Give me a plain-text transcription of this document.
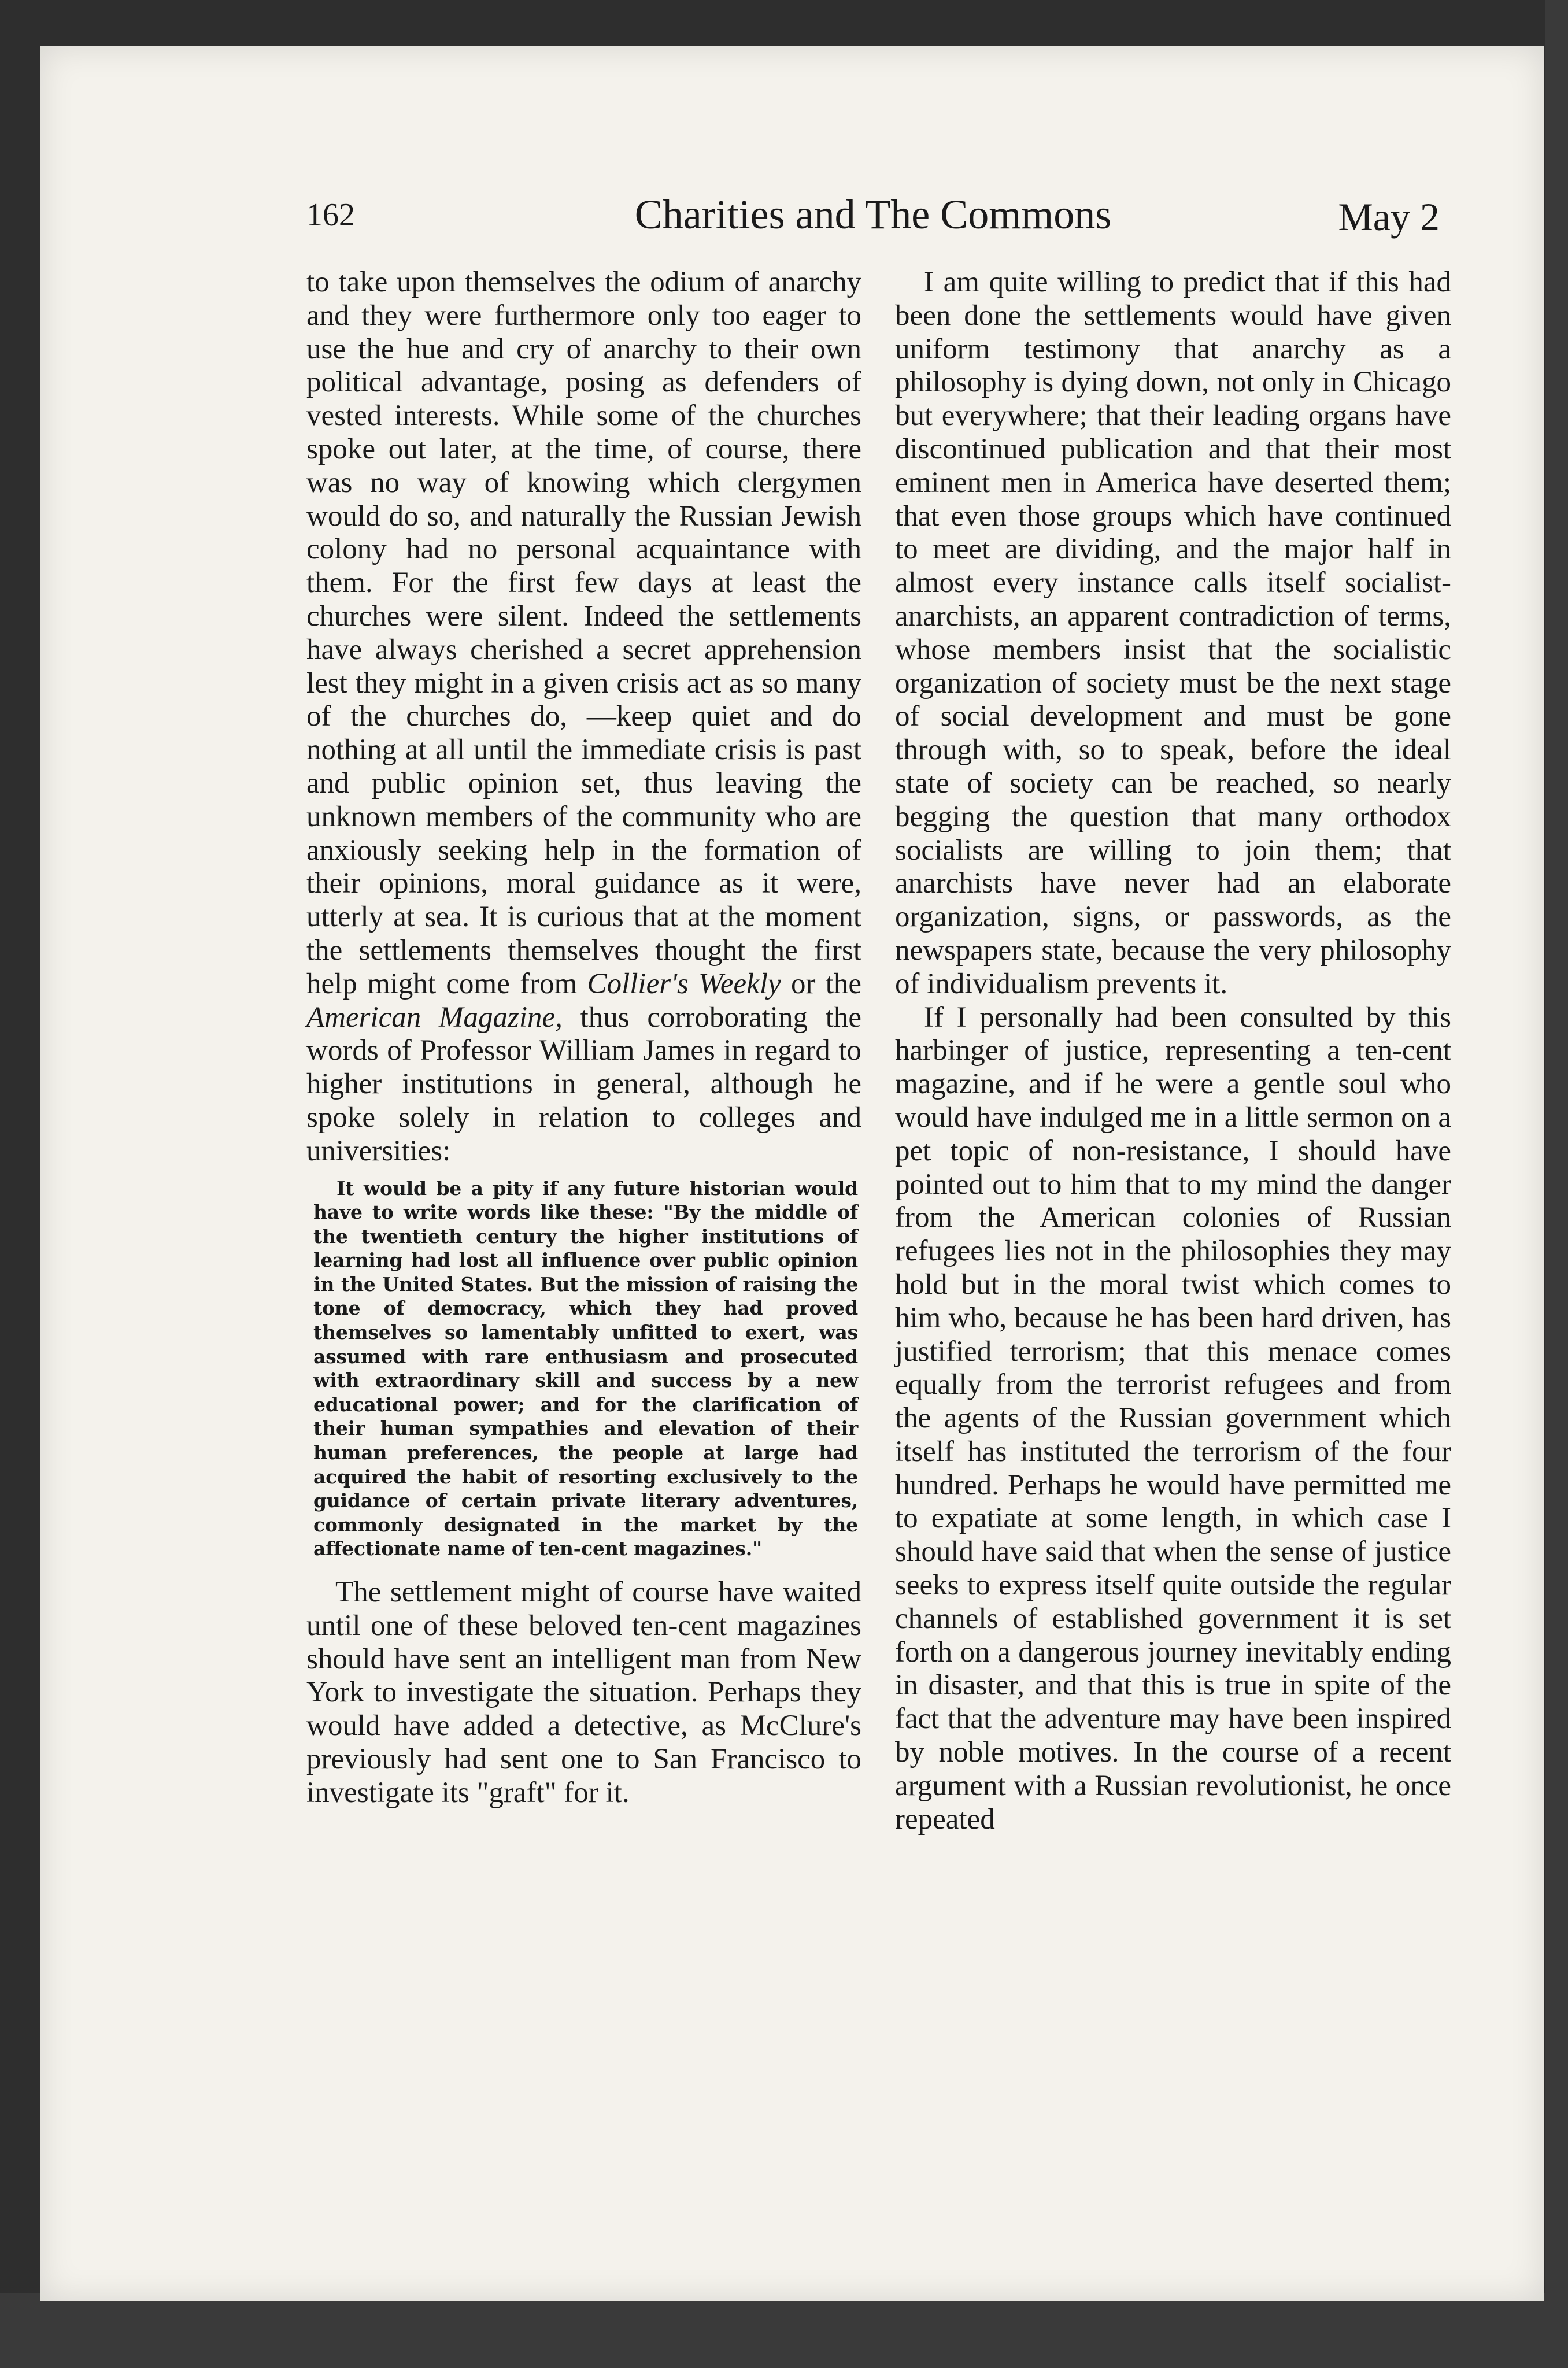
162	Charities and The Commons	May 2

to take upon themselves the odium of anarchy and they were furthermore only too eager to use the hue and cry of anarchy to their own political advantage, posing as defenders of vested interests. While some of the churches spoke out later, at the time, of course, there was no way of knowing which clergymen would do so, and naturally the Russian Jewish colony had no personal acquaintance with them. For the first few days at least the churches were silent. Indeed the settlements have always cherished a secret apprehension lest they might in a given crisis act as so many of the churches do, —keep quiet and do nothing at all until the immediate crisis is past and public opinion set, thus leaving the unknown members of the community who are anxiously seeking help in the formation of their opinions, moral guidance as it were, utterly at sea. It is curious that at the moment the settlements themselves thought the first help might come from Collier's Weekly or the American Magazine, thus corroborating the words of Professor William James in regard to higher institutions in general, although he spoke solely in relation to colleges and universities:

It would be a pity if any future historian would have to write words like these: "By the middle of the twentieth century the higher institutions of learning had lost all influence over public opinion in the United States. But the mission of raising the tone of democracy, which they had proved themselves so lamentably unfitted to exert, was assumed with rare enthusiasm and prosecuted with extraordinary skill and success by a new educational power; and for the clarification of their human sympathies and elevation of their human preferences, the people at large had acquired the habit of resorting exclusively to the guidance of certain private literary adventures, commonly designated in the market by the affectionate name of ten-cent magazines."

The settlement might of course have waited until one of these beloved ten-cent magazines should have sent an intelligent man from New York to investigate the situation. Perhaps they would have added a detective, as McClure's previously had sent one to San Francisco to investigate its "graft" for it.

I am quite willing to predict that if this had been done the settlements would have given uniform testimony that anarchy as a philosophy is dying down, not only in Chicago but everywhere; that their leading organs have discontinued publication and that their most eminent men in America have deserted them; that even those groups which have continued to meet are dividing, and the major half in almost every instance calls itself socialist-anarchists, an apparent contradiction of terms, whose members insist that the socialistic organization of society must be the next stage of social development and must be gone through with, so to speak, before the ideal state of society can be reached, so nearly begging the question that many orthodox socialists are willing to join them; that anarchists have never had an elaborate organization, signs, or passwords, as the newspapers state, because the very philosophy of individualism prevents it.

If I personally had been consulted by this harbinger of justice, representing a ten-cent magazine, and if he were a gentle soul who would have indulged me in a little sermon on a pet topic of non-resistance, I should have pointed out to him that to my mind the danger from the American colonies of Russian refugees lies not in the philosophies they may hold but in the moral twist which comes to him who, because he has been hard driven, has justified terrorism; that this menace comes equally from the terrorist refugees and from the agents of the Russian government which itself has instituted the terrorism of the four hundred. Perhaps he would have permitted me to expatiate at some length, in which case I should have said that when the sense of justice seeks to express itself quite outside the regular channels of established government it is set forth on a dangerous journey inevitably ending in disaster, and that this is true in spite of the fact that the adventure may have been inspired by noble motives. In the course of a recent argument with a Russian revolutionist, he once repeated
